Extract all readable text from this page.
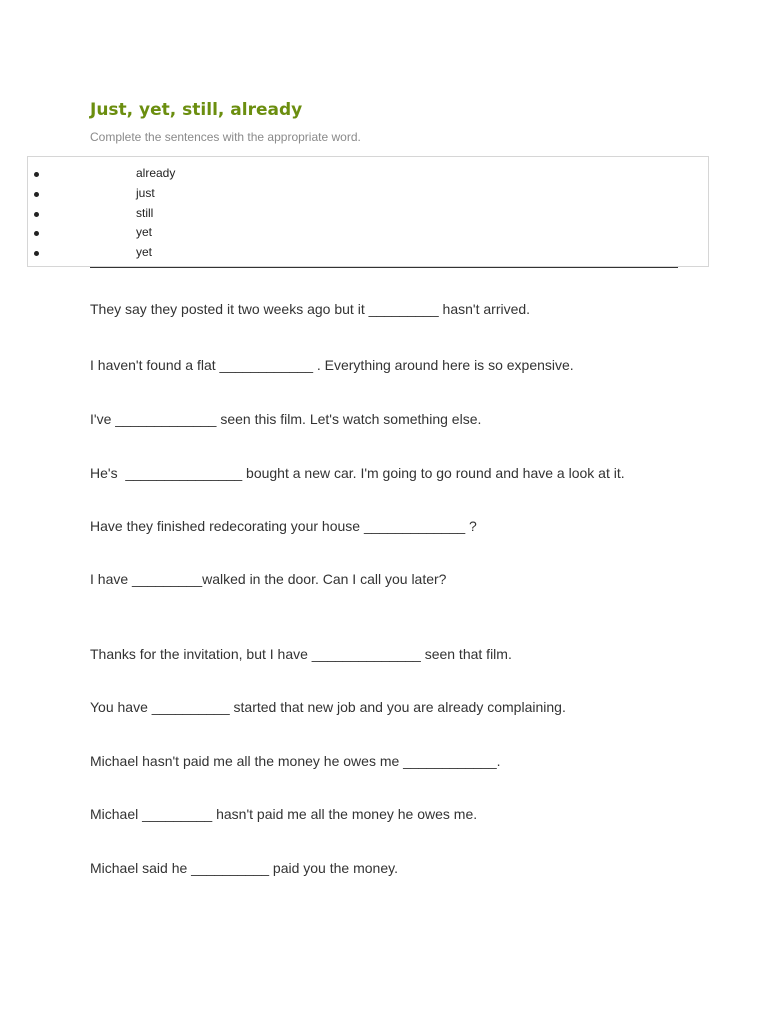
Just, yet, still, already

Complete the sentences with the appropriate word.

already
just
still
yet
yet

They say they posted it two weeks ago but it _________ hasn't arrived.

I haven't found a flat ____________ . Everything around here is so expensive.

I've _____________ seen this film. Let's watch something else.

He's  _______________ bought a new car. I'm going to go round and have a look at it.

Have they finished redecorating your house _____________ ?

I have _________walked in the door. Can I call you later?

Thanks for the invitation, but I have ______________ seen that film.

You have __________ started that new job and you are already complaining.

Michael hasn't paid me all the money he owes me ____________.

Michael _________ hasn't paid me all the money he owes me.

Michael said he __________ paid you the money.
